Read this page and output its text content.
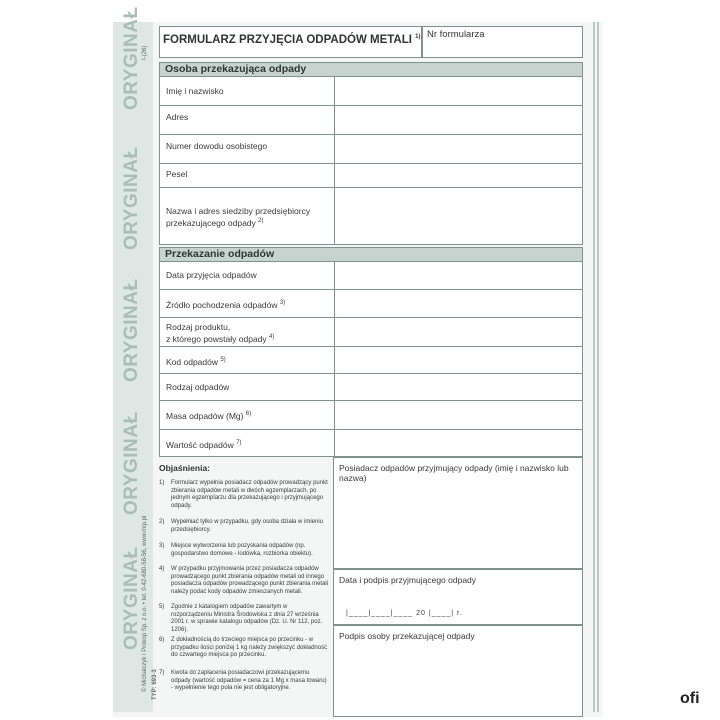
ORYGINAŁ
ORYGINAŁ
ORYGINAŁ
ORYGINAŁ
ORYGINAŁ © Michalczyk i Prokop Sp. z o.o. • tel. 0-42-680-58-56, www.mip.pl
I-(26)
TYP: 693-3
FORMULARZ PRZYJĘCIA ODPADÓW METALI $^{1)}$ Nr formularza
Osoba przekazująca odpady
Imię i nazwisko
Adres
Numer dowodu osobistego
Pesel
Nazwa i adres siedziby przedsiębiorcy
przekazującego odpady $^{2)}$
Przekazanie odpadów
Data przyjęcia odpadów
Źródło pochodzenia odpadów $^{3)}$
Rodzaj produktu,
z którego powstały odpady $^{4)}$
Kod odpadów $^{5)}$
Rodzaj odpadów
Masa odpadów (Mg) $^{6)}$
Wartość odpadów $^{7)}$
Objaśnienia:
1) Formularz wypełnia posiadacz odpadów prowadzący punkt zbierania odpadów metali w dwóch egzemplarzach, po jednym egzemplarzu dla przekazującego i przyjmującego odpady.
2) Wypełniać tylko w przypadku, gdy osoba działa w imieniu przedsiębiorcy.
3) Miejsce wytworzenia lub pozyskania odpadów (np. gospodarstwo domowe - lodówka, rozbiórka obiektu).
4) W przypadku przyjmowania przez posiadacza odpadów prowadzącego punkt zbierania odpadów metali od innego posiadacza odpadów prowadzącego punkt zbierania metali należy podać kody odpadów zmieszanych metali.
5) Zgodnie z katalogiem odpadów zawartym w rozporządzeniu Ministra Środowiska z dnia 27 września 2001 r. w sprawie katalogu odpadów (Dz. U. Nr 112, poz. 1206).
6) Z dokładnością do trzeciego miejsca po przecinku - w przypadku ilości poniżej 1 kg należy zwiększyć dokładność do czwartego miejsca po przecinku.
7) Kwota do zapłacenia posiadaczowi przekazującemu odpady (wartość odpadów = cena za 1 Mg x masa towaru) - wypełnienie tego pola nie jest obligatoryjne.
Posiadacz odpadów przyjmujący odpady (imię i nazwisko lub nazwa)
Data i podpis przyjmującego odpady
|____|____|____ 20 |____| r.
Podpis osoby przekazującej odpady
ofi
